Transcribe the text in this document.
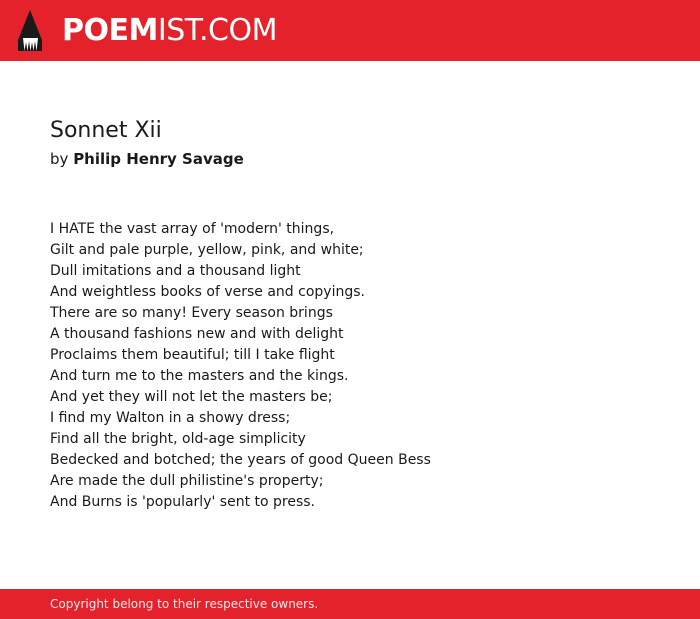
POEMIST.COM
Sonnet Xii
by Philip Henry Savage
I HATE the vast array of 'modern' things,
Gilt and pale purple, yellow, pink, and white;
Dull imitations and a thousand light
And weightless books of verse and copyings.
There are so many! Every season brings
A thousand fashions new and with delight
Proclaims them beautiful; till I take flight
And turn me to the masters and the kings.
And yet they will not let the masters be;
I find my Walton in a showy dress;
Find all the bright, old-age simplicity
Bedecked and botched; the years of good Queen Bess
Are made the dull philistine's property;
And Burns is 'popularly' sent to press.
Copyright belong to their respective owners.
